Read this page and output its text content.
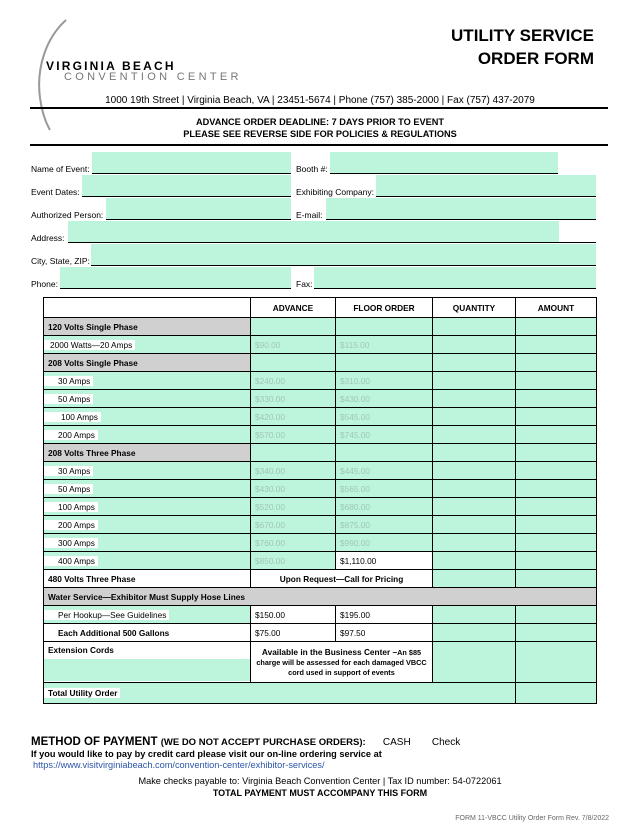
VIRGINIA BEACH
CONVENTION CENTER
UTILITY SERVICE
ORDER FORM
1000 19th Street | Virginia Beach, VA | 23451-5674 | Phone (757) 385-2000 | Fax (757) 437-2079
ADVANCE ORDER DEADLINE: 7 DAYS PRIOR TO EVENT
PLEASE SEE REVERSE SIDE FOR POLICIES & REGULATIONS
Name of Event:	Booth #:
Event Dates:	Exhibiting Company:
Authorized Person:	E-mail:
Address:
City, State, ZIP:
Phone:	Fax:
	ADVANCE	FLOOR ORDER	QUANTITY	AMOUNT
120 Volts Single Phase				
2000 Watts—20 Amps	$90.00	$115.00		
208 Volts Single Phase				
30 Amps	$240.00	$310.00		
50 Amps	$330.00	$430.00		
100 Amps	$420.00	$545.00		
200 Amps	$570.00	$745.00		
208 Volts Three Phase				
30 Amps	$340.00	$445.00		
50 Amps	$430.00	$565.00		
100 Amps	$520.00	$680.00		
200 Amps	$670.00	$875.00		
300 Amps	$760.00	$990.00		
400 Amps	$850.00	$1,110.00		
480 Volts Three Phase	Upon Request—Call for Pricing			
Water Service—Exhibitor Must Supply Hose Lines				
Per Hookup—See Guidelines	$150.00	$195.00		
Each Additional 500 Gallons	$75.00	$97.50		

Extension Cords	Available in the Business Center –An $85
charge will be assessed for each damaged VBCC
cord used in support of events			

Total Utility Order				
METHOD OF PAYMENT (WE DO NOT ACCEPT PURCHASE ORDERS): CASH Check
If you would like to pay by credit card please visit our on-line ordering service at
https://www.visitvirginiabeach.com/convention-center/exhibitor-services/
Make checks payable to: Virginia Beach Convention Center | Tax ID number: 54-0722061
TOTAL PAYMENT MUST ACCOMPANY THIS FORM
FORM 11-VBCC Utility Order Form Rev. 7/8/2022
